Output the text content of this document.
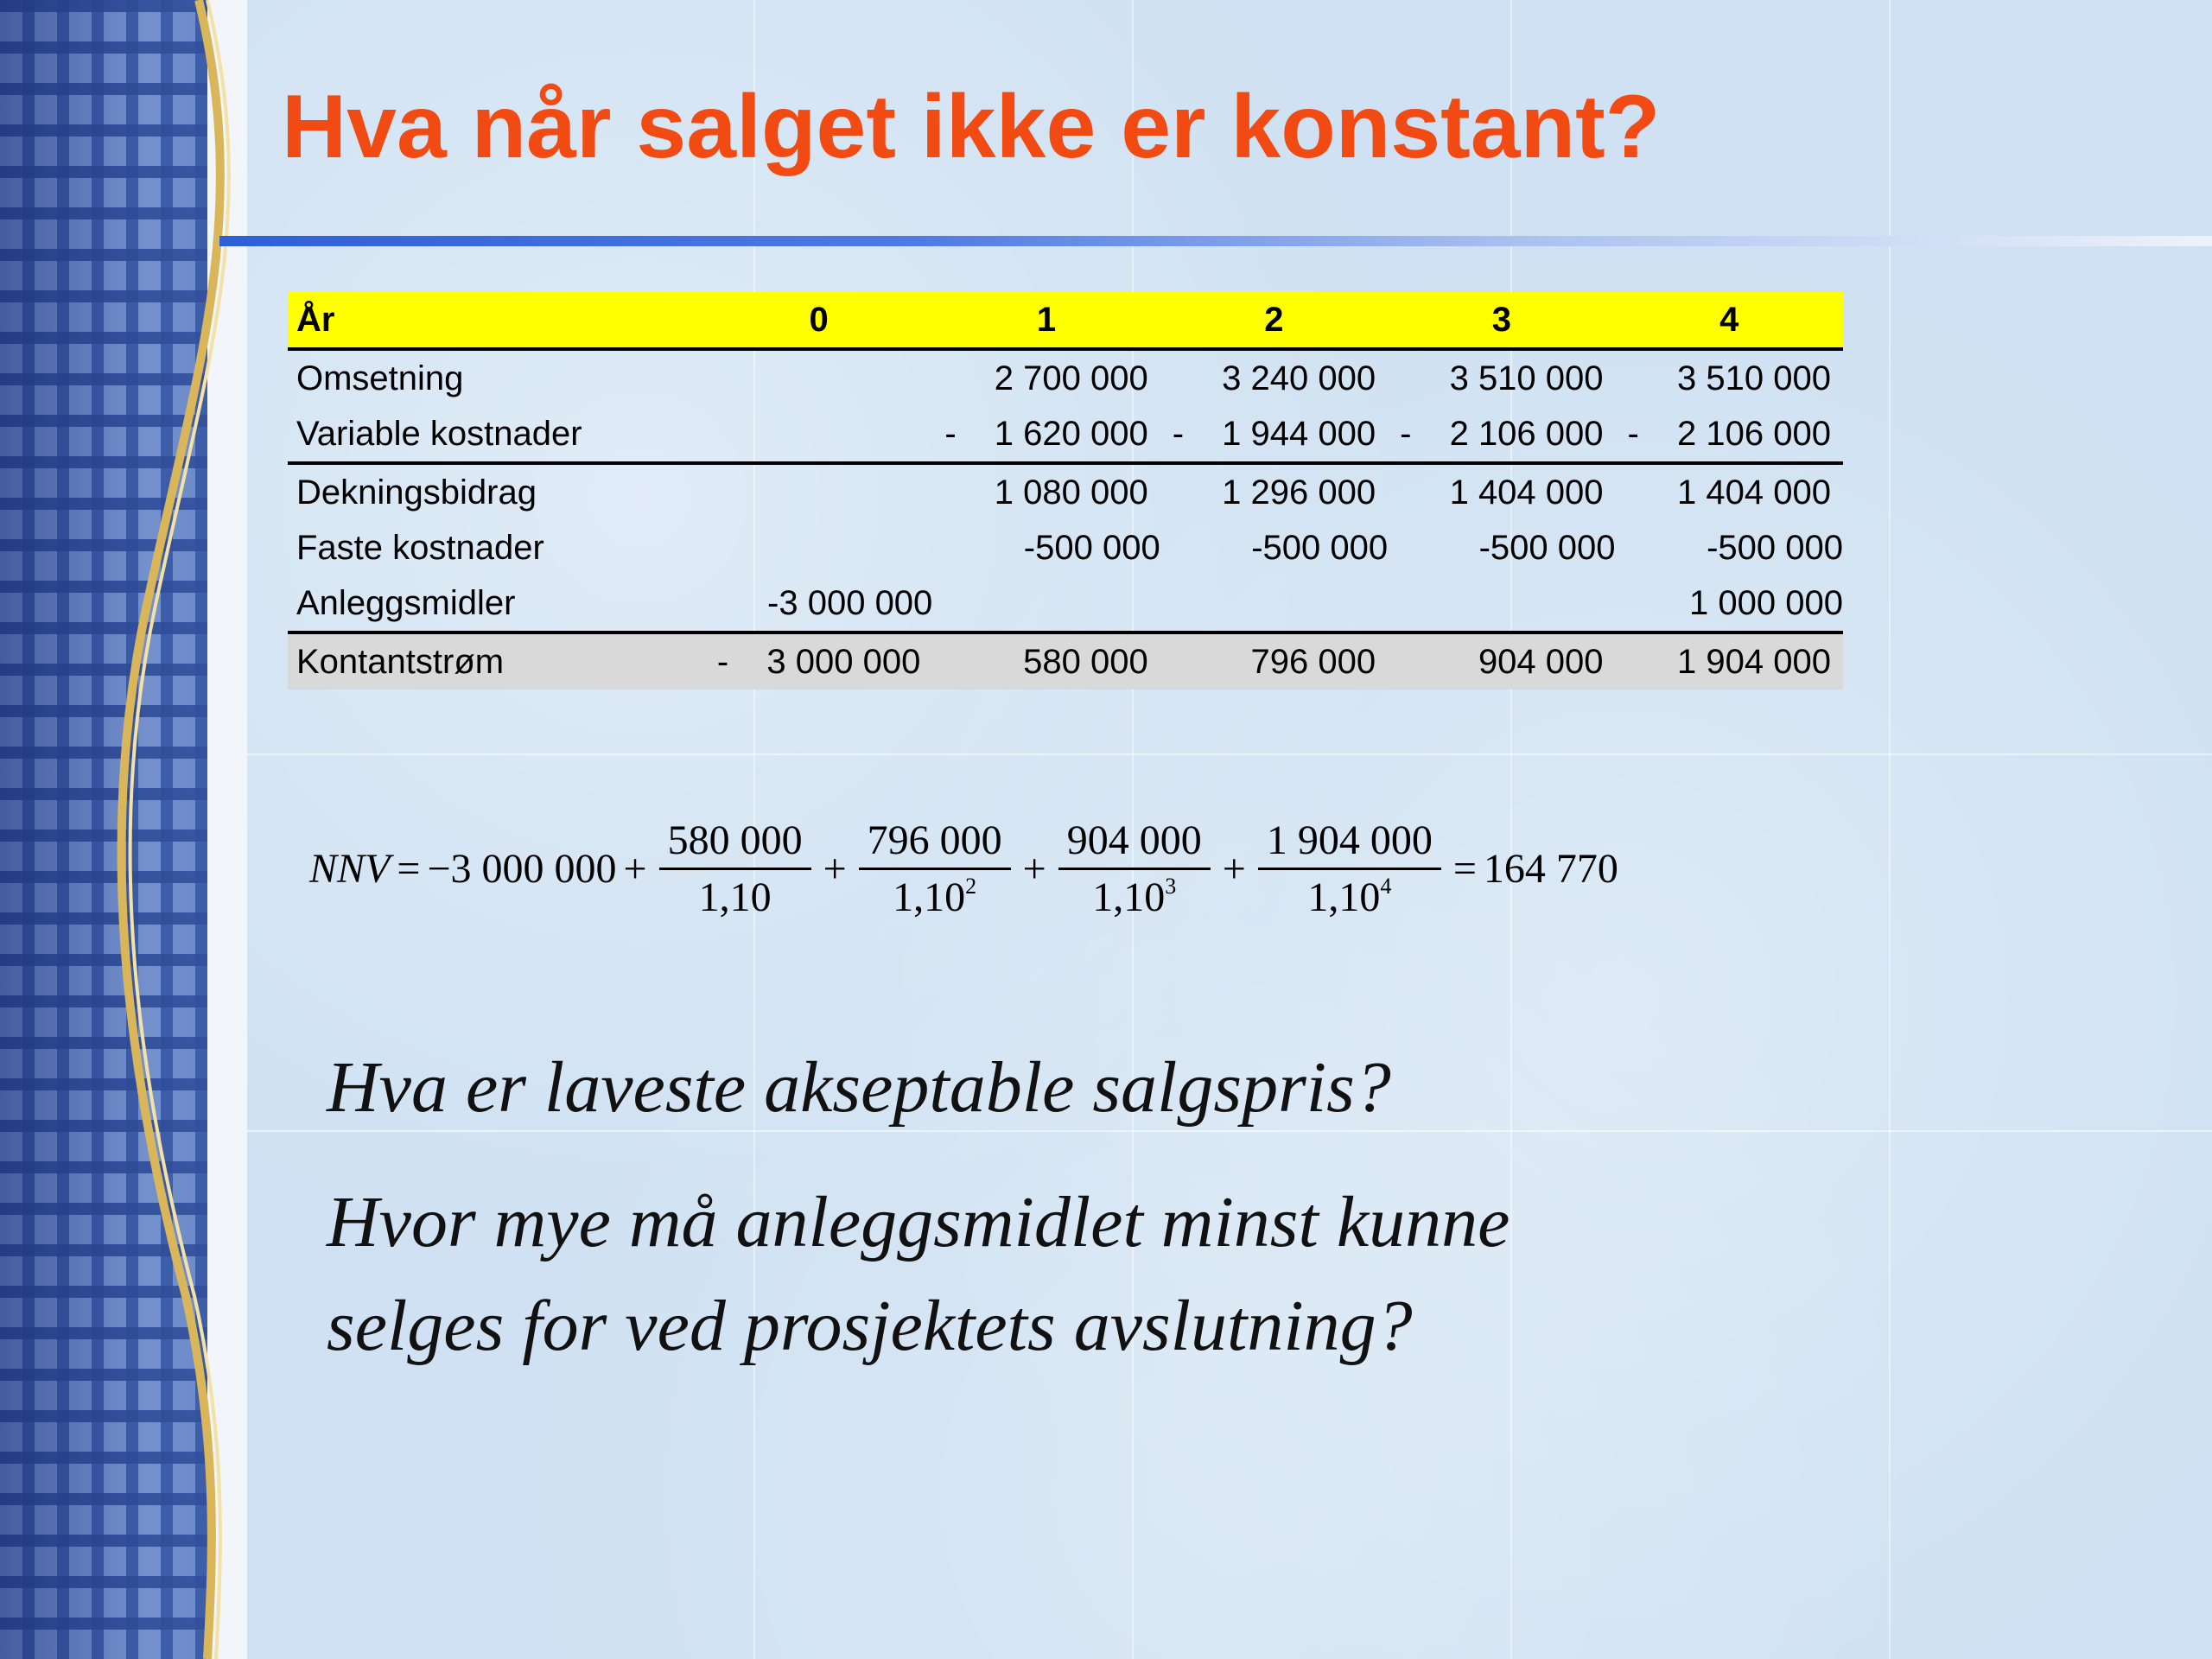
Hva når salget ikke er konstant?
År	0	1	2	3	4
Omsetning		2 700 000	3 240 000	3 510 000	3 510 000
Variable kostnader		- 1 620 000	- 1 944 000	- 2 106 000	- 2 106 000
Dekningsbidrag		1 080 000	1 296 000	1 404 000	1 404 000
Faste kostnader		-500 000	-500 000	-500 000	-500 000
Anleggsmidler	-3 000 000				1 000 000
Kontantstrøm	- 3 000 000	580 000	796 000	904 000	1 904 000
NNV = −3 000 $000 + \frac{580 000}{1,10} + \frac{796 000}{1,10^2} + \frac{904 000}{1,10^3} + \frac{1 904 000}{1,10^4} = 164$ 770
Hva er laveste akseptable salgspris?
Hvor mye må anleggsmidlet minst kunne
selges for ved prosjektets avslutning?
